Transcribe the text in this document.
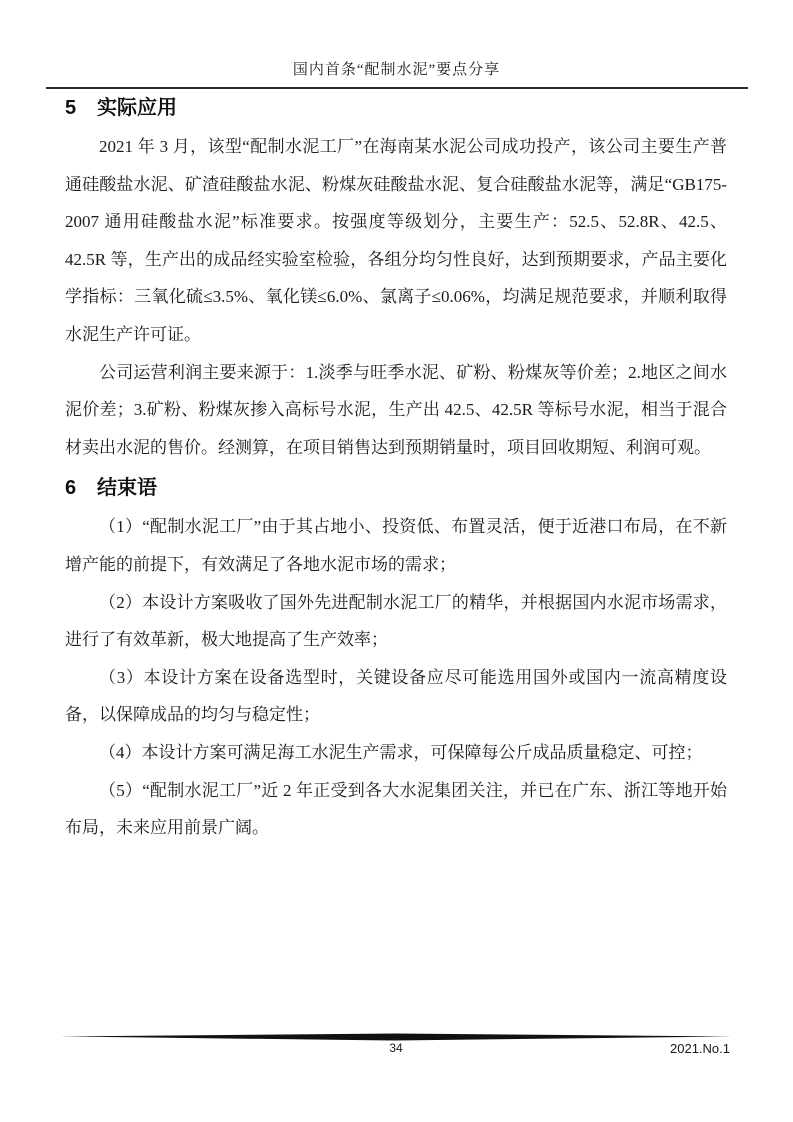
国内首条“配制水泥”要点分享
5	实际应用

2021 年 3 月，该型“配制水泥工厂”在海南某水泥公司成功投产，该公司主要生产普通硅酸盐水泥、矿渣硅酸盐水泥、粉煤灰硅酸盐水泥、复合硅酸盐水泥等，满足“GB175-2007 通用硅酸盐水泥”标准要求。按强度等级划分，主要生产：52.5、52.8R、42.5、42.5R 等，生产出的成品经实验室检验，各组分均匀性良好，达到预期要求，产品主要化学指标：三氧化硫≤3.5%、氧化镁≤6.0%、氯离子≤0.06%，均满足规范要求，并顺利取得水泥生产许可证。

公司运营利润主要来源于：1.淡季与旺季水泥、矿粉、粉煤灰等价差；2.地区之间水泥价差；3.矿粉、粉煤灰掺入高标号水泥，生产出 42.5、42.5R 等标号水泥，相当于混合材卖出水泥的售价。经测算，在项目销售达到预期销量时，项目回收期短、利润可观。

6	结束语

（1）“配制水泥工厂”由于其占地小、投资低、布置灵活，便于近港口布局，在不新增产能的前提下，有效满足了各地水泥市场的需求；

（2）本设计方案吸收了国外先进配制水泥工厂的精华，并根据国内水泥市场需求，进行了有效革新，极大地提高了生产效率；

（3）本设计方案在设备选型时，关键设备应尽可能选用国外或国内一流高精度设备，以保障成品的均匀与稳定性；

（4）本设计方案可满足海工水泥生产需求，可保障每公斤成品质量稳定、可控；

（5）“配制水泥工厂”近 2 年正受到各大水泥集团关注，并已在广东、浙江等地开始布局，未来应用前景广阔。

34	2021.No.1
